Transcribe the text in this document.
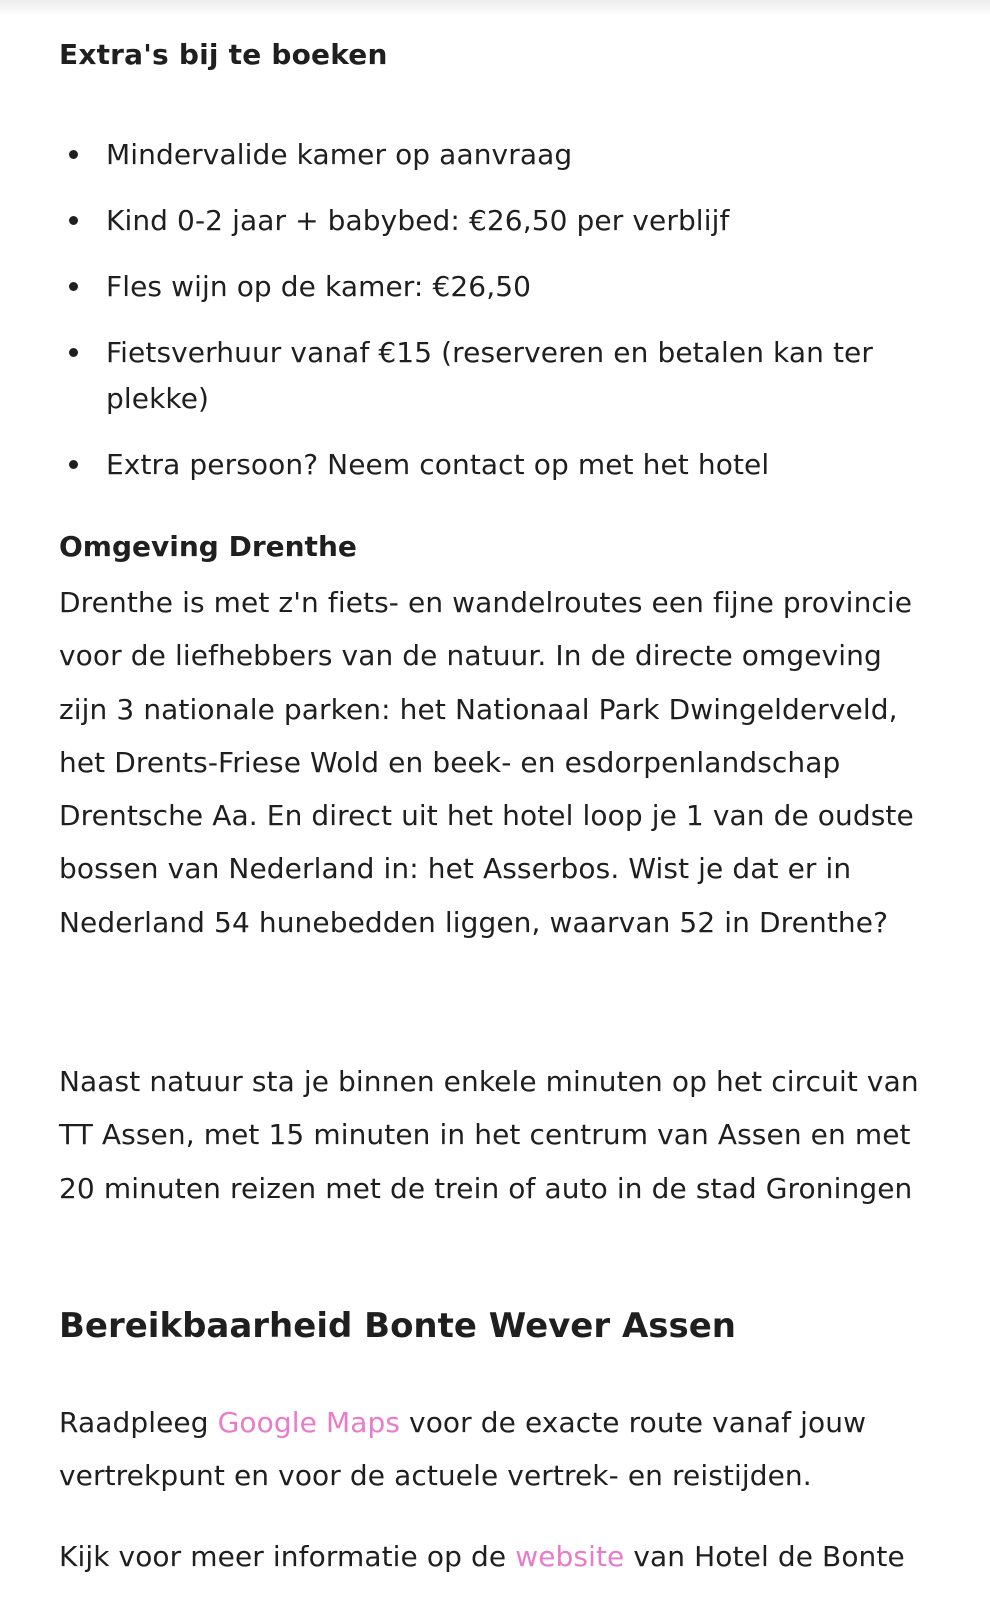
Extra's bij te boeken
Mindervalide kamer op aanvraag
Kind 0-2 jaar + babybed: €26,50 per verblijf
Fles wijn op de kamer: €26,50
Fietsverhuur vanaf €15 (reserveren en betalen kan ter plekke)
Extra persoon? Neem contact op met het hotel
Omgeving Drenthe

Drenthe is met z'n fiets- en wandelroutes een fijne provincie voor de liefhebbers van de natuur. In de directe omgeving zijn 3 nationale parken: het Nationaal Park Dwingelderveld, het Drents-Friese Wold en beek- en esdorpenlandschap Drentsche Aa. En direct uit het hotel loop je 1 van de oudste bossen van Nederland in: het Asserbos. Wist je dat er in Nederland 54 hunebedden liggen, waarvan 52 in Drenthe?

Naast natuur sta je binnen enkele minuten op het circuit van TT Assen, met 15 minuten in het centrum van Assen en met 20 minuten reizen met de trein of auto in de stad Groningen

Bereikbaarheid Bonte Wever Assen

Raadpleeg Google Maps voor de exacte route vanaf jouw vertrekpunt en voor de actuele vertrek- en reistijden.

Kijk voor meer informatie op de website van Hotel de Bonte
